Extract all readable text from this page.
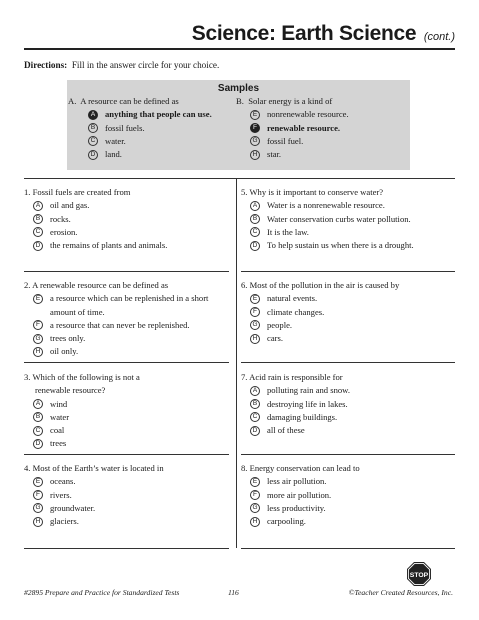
Science: Earth Science (cont.)
Directions: Fill in the answer circle for your choice.
Samples
A. A resource can be defined as
A	anything that people can use.
B	fossil fuels.
C	water.
D	land.
B. Solar energy is a kind of
E	nonrenewable resource.
F	renewable resource.
G fossil fuel.
H	star.
1. Fossil fuels are created from
A	oil and gas.
B	rocks.
C	erosion.
D	the remains of plants and animals.
2. A renewable resource can be defined as
E	a resource which can be replenished in a short amount of time.
F	a resource that can never be replenished.
G trees only.
H	oil only.
3. Which of the following is not a
renewable resource?
A	wind
B	water
C	coal
D	trees
4. Most of the Earth’s water is located in
E	oceans.
F	rivers.
G groundwater.
H	glaciers.
5. Why is it important to conserve water?
A	Water is a nonrenewable resource.
B	Water conservation curbs water pollution.
C	It is the law.
D	To help sustain us when there is a drought.
6. Most of the pollution in the air is caused by
E	natural events.
F	climate changes.
G people.
H	cars.
7. Acid rain is responsible for
A	polluting rain and snow.
B	destroying life in lakes.
C	damaging buildings.
D	all of these
8. Energy conservation can lead to
E	less air pollution.
F	more air pollution.
G less productivity.
H	carpooling.
STOP
#2895 Prepare and Practice for Standardized Tests	116	©Teacher Created Resources, Inc.
